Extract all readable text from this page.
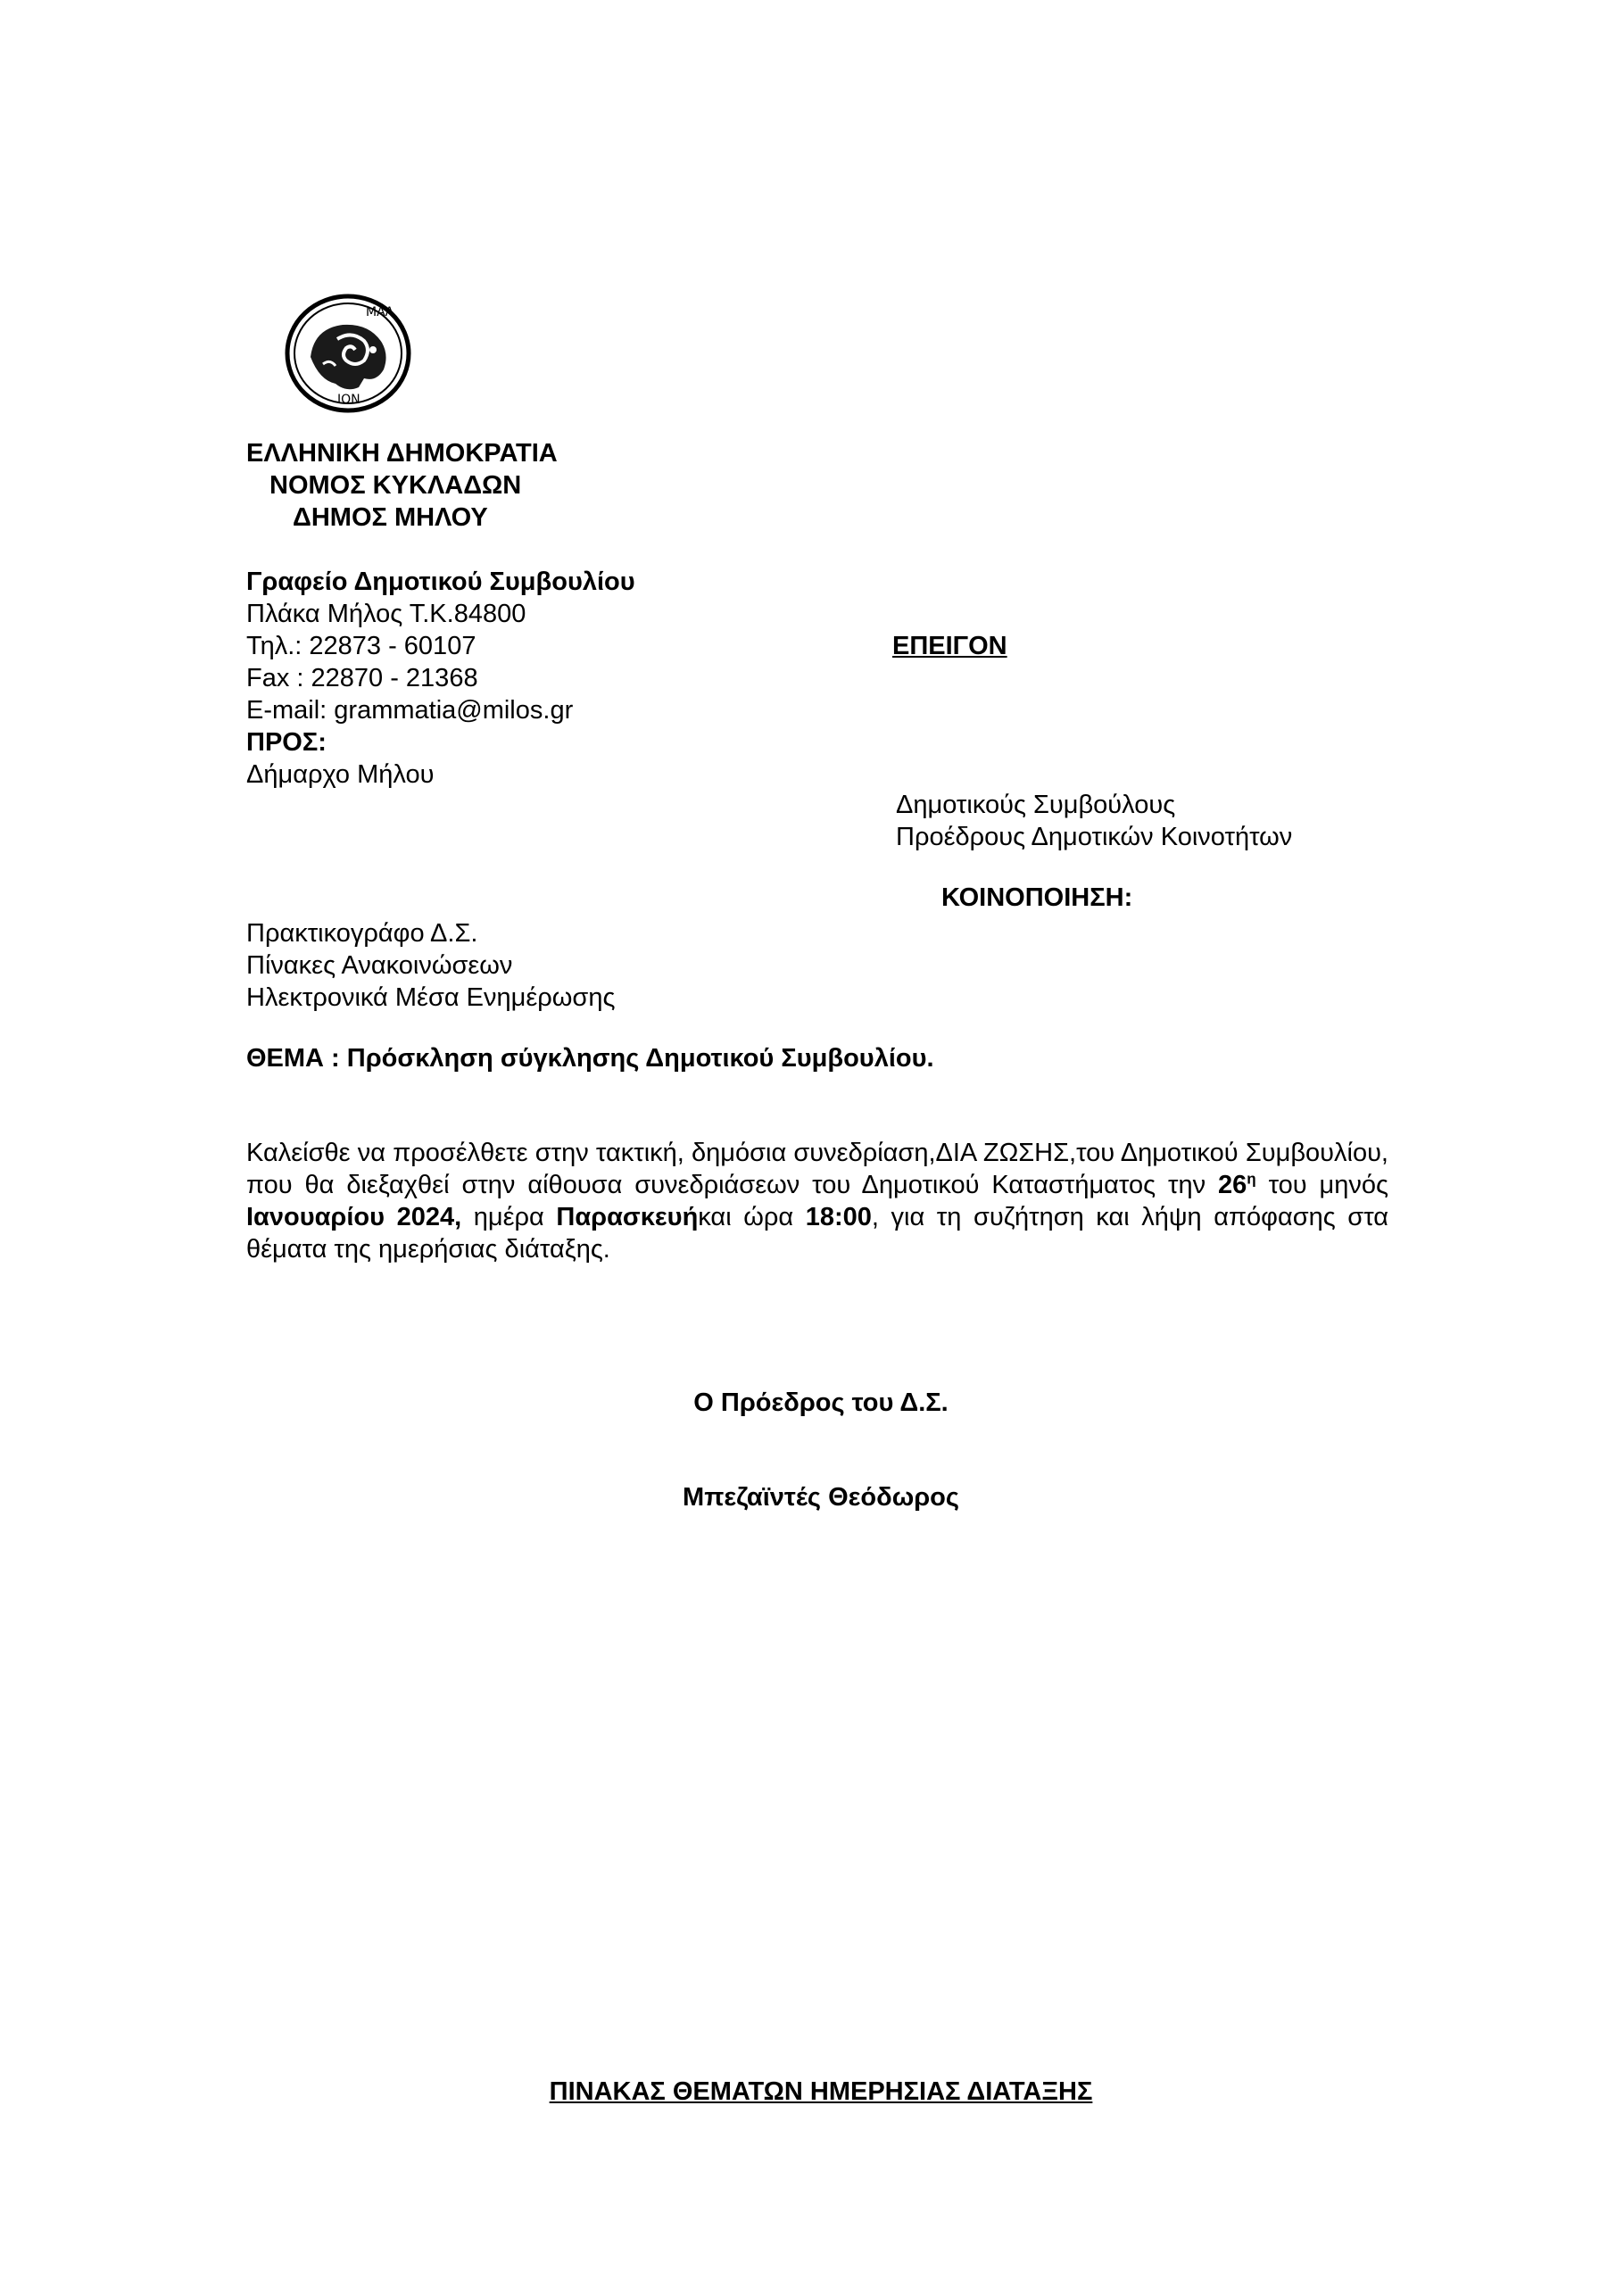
ΜΑΛ
ΙΟΝ
ΕΛΛΗΝΙΚΗ ΔΗΜΟΚΡΑΤΙΑ
ΝΟΜΟΣ ΚΥΚΛΑΔΩΝ
ΔΗΜΟΣ ΜΗΛΟΥ
Γραφείο Δημοτικού Συμβουλίου
Πλάκα Μήλος Τ.Κ.84800
Τηλ.: 22873 - 60107
Fax : 22870 - 21368
E-mail: grammatia@milos.gr
ΠΡΟΣ:
Δήμαρχο Μήλου
ΕΠΕΙΓΟΝ
Δημοτικούς Συμβούλους
Προέδρους Δημοτικών Κοινοτήτων
ΚΟΙΝΟΠΟΙΗΣΗ:
Πρακτικογράφο Δ.Σ.
Πίνακες Ανακοινώσεων
Ηλεκτρονικά Μέσα Ενημέρωσης
ΘΕΜΑ : Πρόσκληση σύγκλησης Δημοτικού Συμβουλίου.
Καλείσθε να προσέλθετε στην τακτική, δημόσια συνεδρίαση,ΔΙΑ ΖΩΣΗΣ,του Δημοτικού Συμβουλίου, που θα διεξαχθεί στην αίθουσα συνεδριάσεων του Δημοτικού Καταστήματος την $26^\eta$ του μηνός Ιανουαρίου 2024, ημέρα Παρασκευήκαι ώρα 18:00, για τη συζήτηση και λήψη απόφασης στα θέματα της ημερήσιας διάταξης.
Ο Πρόεδρος του Δ.Σ.
Μπεζαϊντές Θεόδωρος
ΠΙΝΑΚΑΣ ΘΕΜΑΤΩΝ ΗΜΕΡΗΣΙΑΣ ΔΙΑΤΑΞΗΣ
